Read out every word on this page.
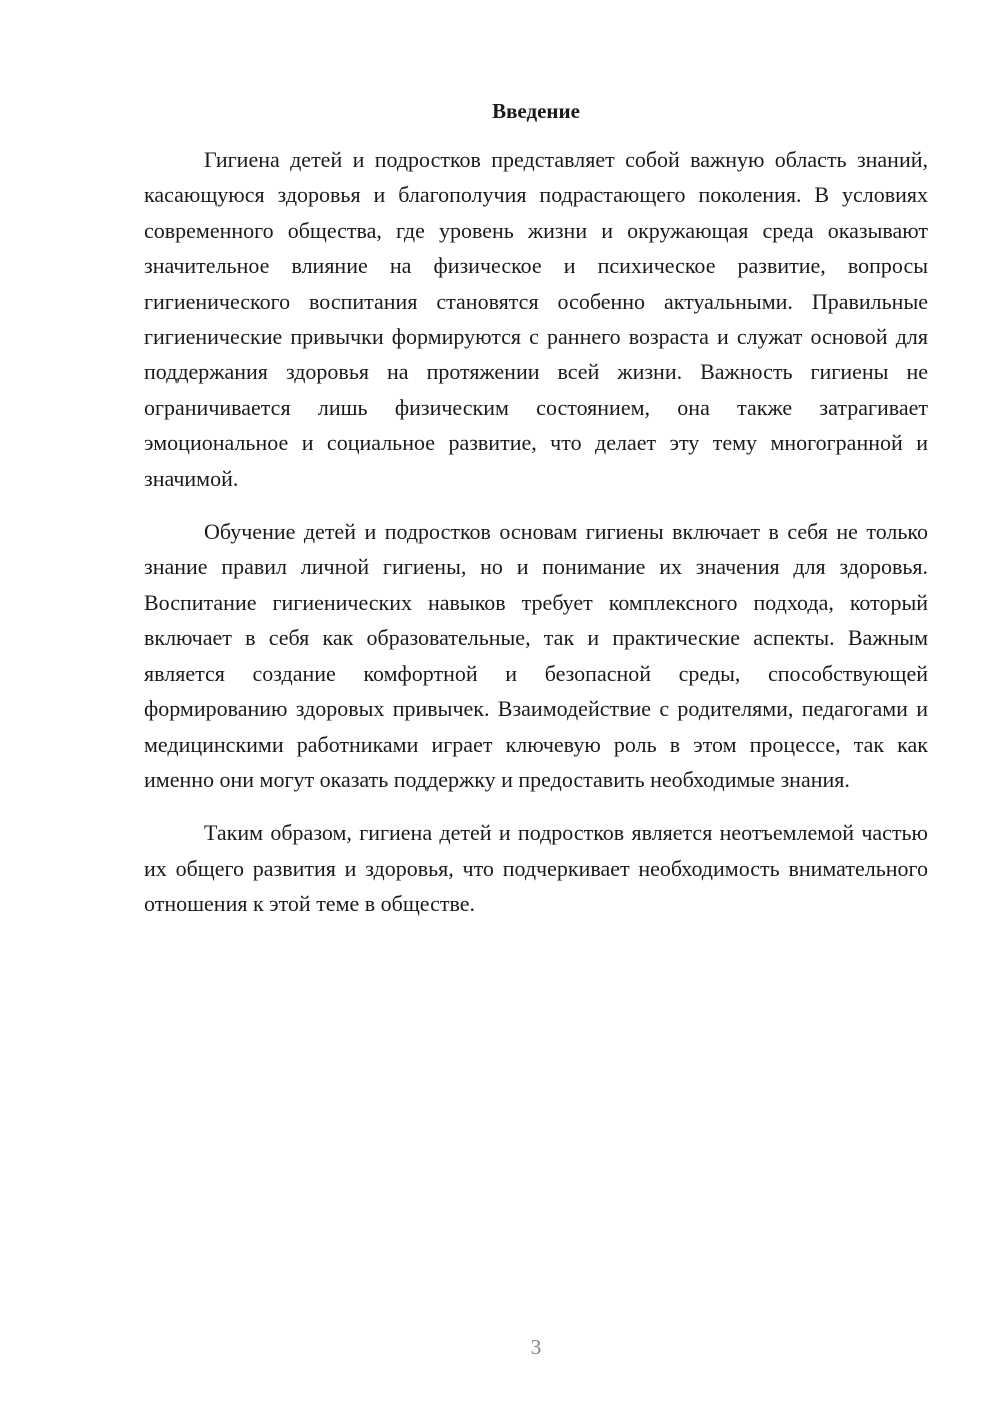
Введение

Гигиена детей и подростков представляет собой важную область знаний, касающуюся здоровья и благополучия подрастающего поколения. В условиях современного общества, где уровень жизни и окружающая среда оказывают значительное влияние на физическое и психическое развитие, вопросы гигиенического воспитания становятся особенно актуальными. Правильные гигиенические привычки формируются с раннего возраста и служат основой для поддержания здоровья на протяжении всей жизни. Важность гигиены не ограничивается лишь физическим состоянием, она также затрагивает эмоциональное и социальное развитие, что делает эту тему многогранной и значимой.

Обучение детей и подростков основам гигиены включает в себя не только знание правил личной гигиены, но и понимание их значения для здоровья. Воспитание гигиенических навыков требует комплексного подхода, который включает в себя как образовательные, так и практические аспекты. Важным является создание комфортной и безопасной среды, способствующей формированию здоровых привычек. Взаимодействие с родителями, педагогами и медицинскими работниками играет ключевую роль в этом процессе, так как именно они могут оказать поддержку и предоставить необходимые знания.

Таким образом, гигиена детей и подростков является неотъемлемой частью их общего развития и здоровья, что подчеркивает необходимость внимательного отношения к этой теме в обществе.

3
